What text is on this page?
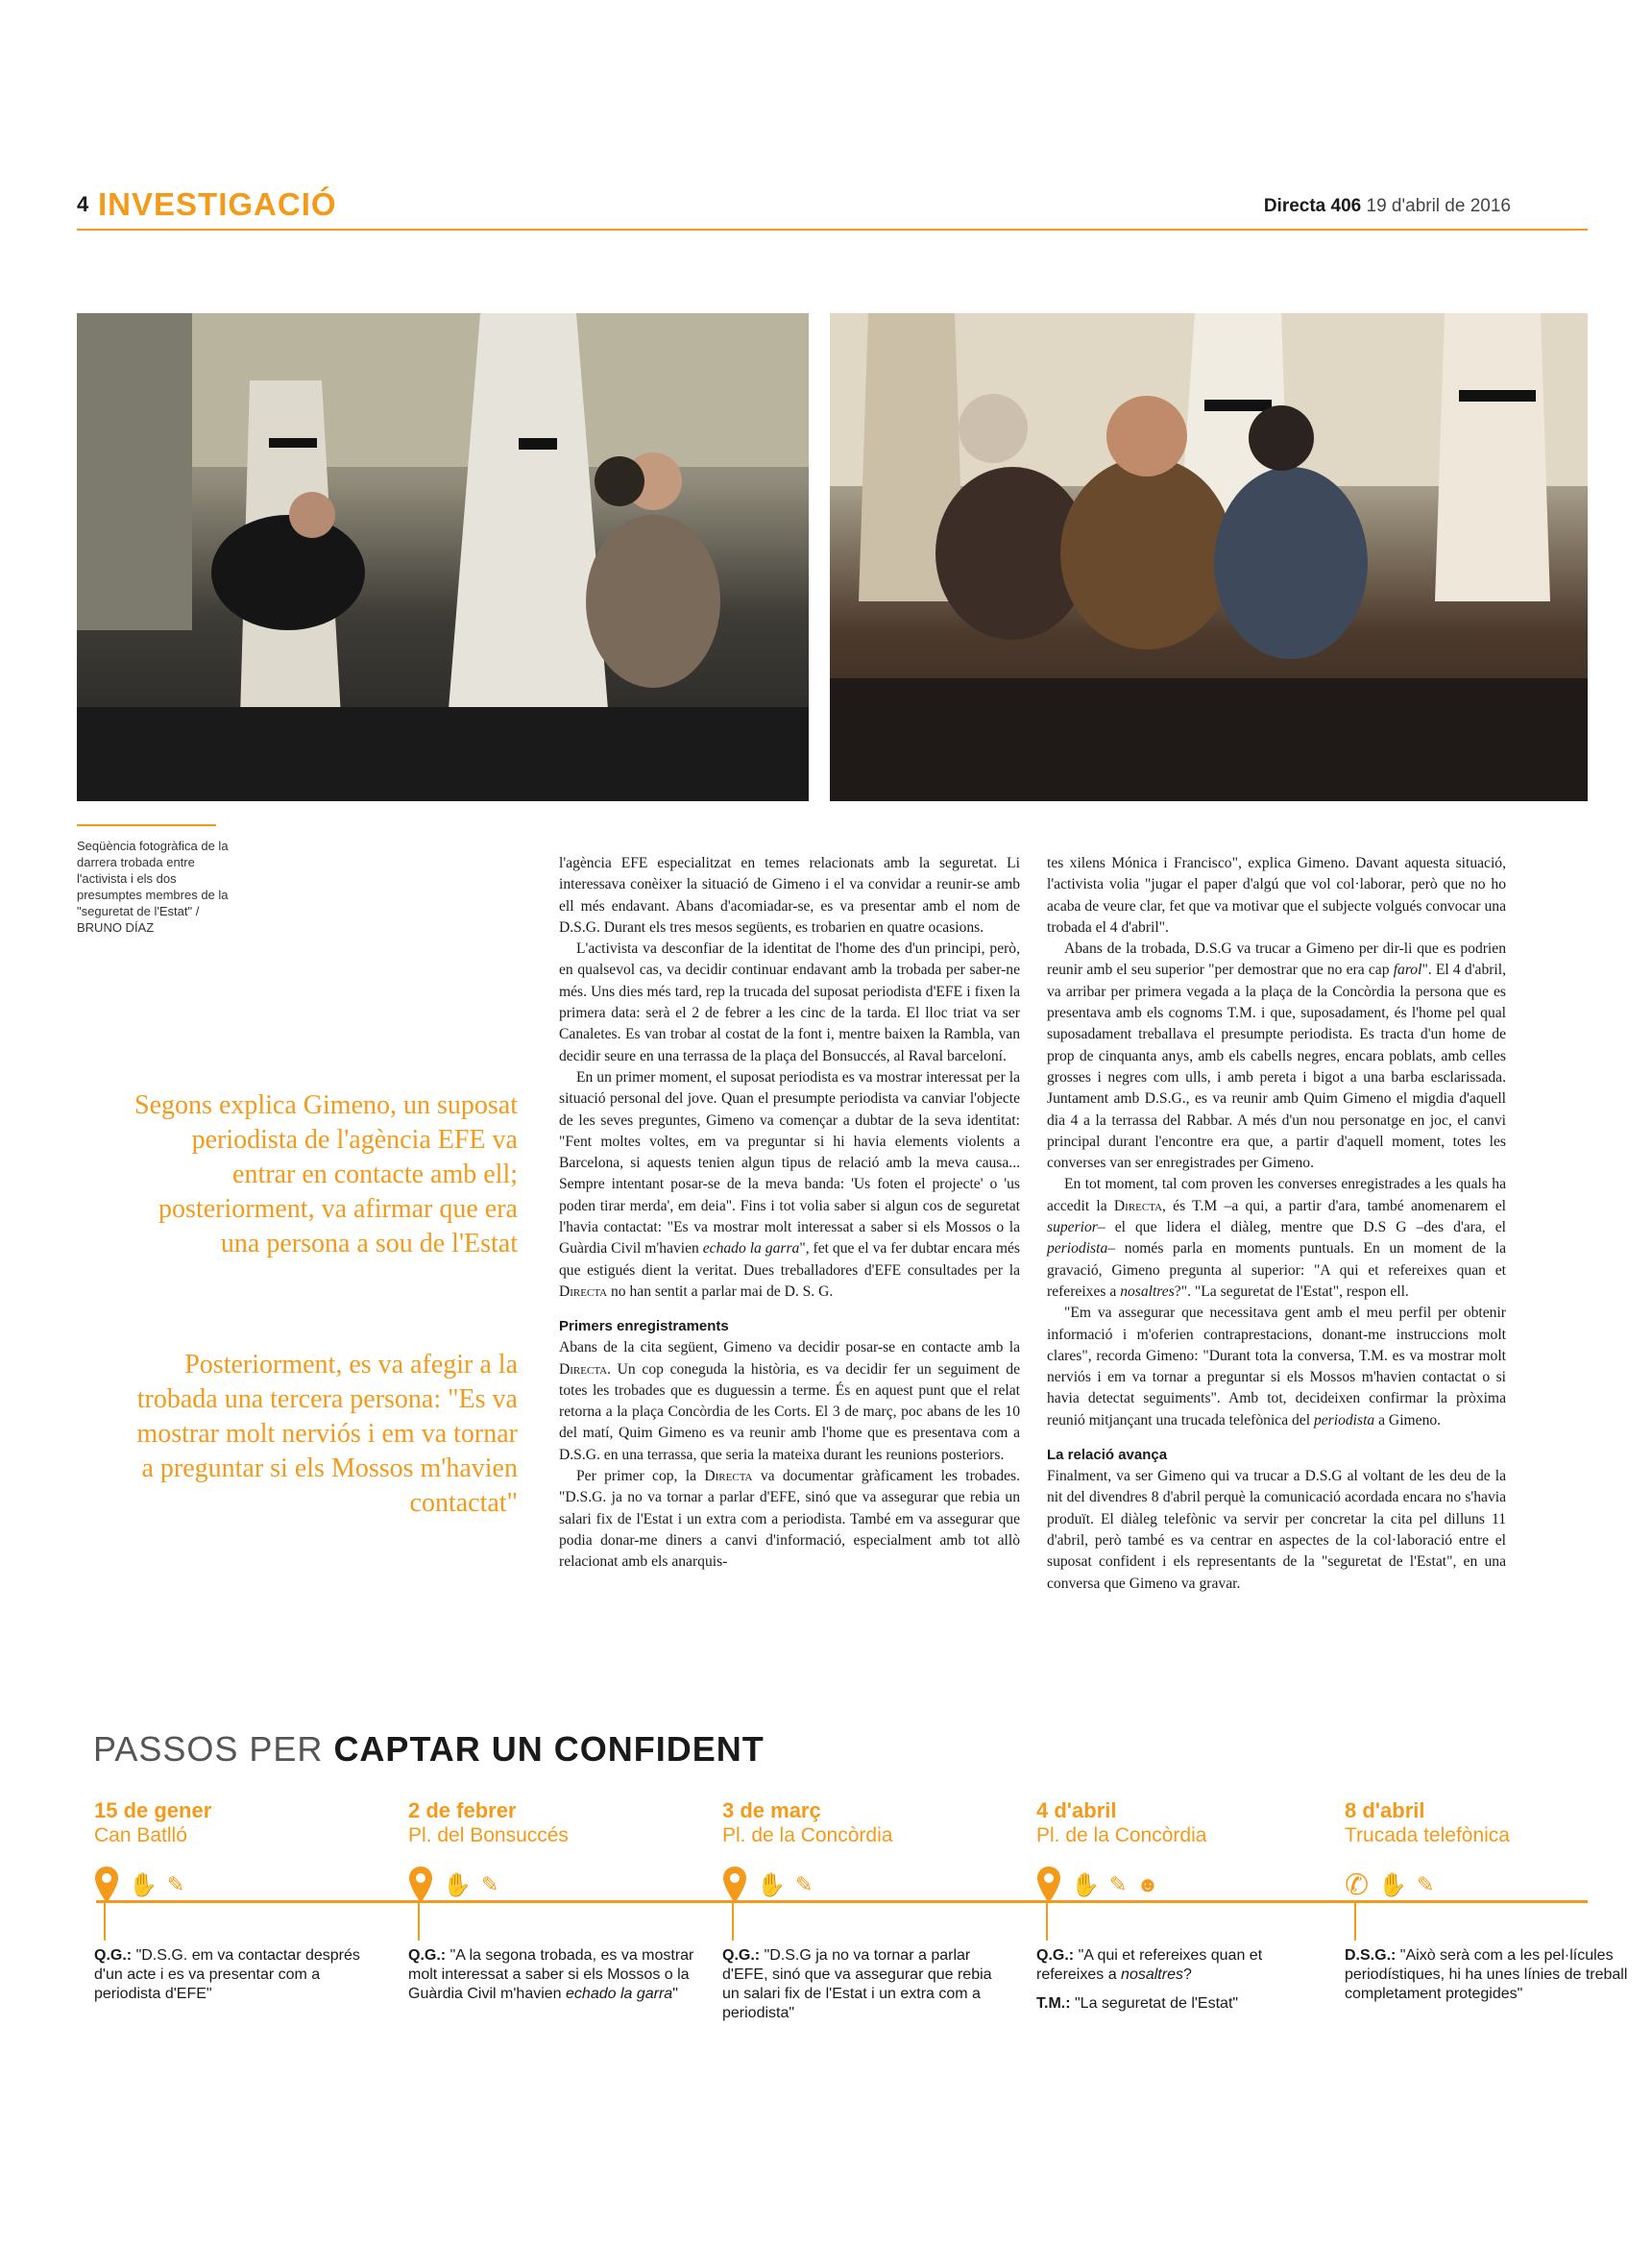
4 INVESTIGACIÓ	Directa 406 19 d'abril de 2016
Seqüència fotogràfica de la darrera trobada entre l'activista i els dos presumptes membres de la "seguretat de l'Estat" / BRUNO DÍAZ
Segons explica Gimeno, un suposat periodista de l'agència EFE va entrar en contacte amb ell; posteriorment, va afirmar que era una persona a sou de l'Estat
Posteriorment, es va afegir a la trobada una tercera persona: "Es va mostrar molt nerviós i em va tornar a preguntar si els Mossos m'havien contactat"

l'agència EFE especialitzat en temes relacionats amb la seguretat. Li interessava conèixer la situació de Gimeno i el va convidar a reunir-se amb ell més endavant. Abans d'acomiadar-se, es va presentar amb el nom de D.S.G. Durant els tres mesos següents, es trobarien en quatre ocasions.

L'activista va desconfiar de la identitat de l'home des d'un principi, però, en qualsevol cas, va decidir continuar endavant amb la trobada per saber-ne més. Uns dies més tard, rep la trucada del suposat periodista d'EFE i fixen la primera data: serà el 2 de febrer a les cinc de la tarda. El lloc triat va ser Canaletes. Es van trobar al costat de la font i, mentre baixen la Rambla, van decidir seure en una terrassa de la plaça del Bonsuccés, al Raval barceloní.

En un primer moment, el suposat periodista es va mostrar interessat per la situació personal del jove. Quan el presumpte periodista va canviar l'objecte de les seves preguntes, Gimeno va començar a dubtar de la seva identitat: "Fent moltes voltes, em va preguntar si hi havia elements violents a Barcelona, si aquests tenien algun tipus de relació amb la meva causa... Sempre intentant posar-se de la meva banda: 'Us foten el projecte' o 'us poden tirar merda', em deia". Fins i tot volia saber si algun cos de seguretat l'havia contactat: "Es va mostrar molt interessat a saber si els Mossos o la Guàrdia Civil m'havien echado la garra", fet que el va fer dubtar encara més que estigués dient la veritat. Dues treballadores d'EFE consultades per la Directa no han sentit a parlar mai de D. S. G.

Primers enregistraments

Abans de la cita següent, Gimeno va decidir posar-se en contacte amb la Directa. Un cop coneguda la història, es va decidir fer un seguiment de totes les trobades que es duguessin a terme. És en aquest punt que el relat retorna a la plaça Concòrdia de les Corts. El 3 de març, poc abans de les 10 del matí, Quim Gimeno es va reunir amb l'home que es presentava com a D.S.G. en una terrassa, que seria la mateixa durant les reunions posteriors.

Per primer cop, la Directa va documentar gràficament les trobades. "D.S.G. ja no va tornar a parlar d'EFE, sinó que va assegurar que rebia un salari fix de l'Estat i un extra com a periodista. També em va assegurar que podia donar-me diners a canvi d'informació, especialment amb tot allò relacionat amb els anarquis-

tes xilens Mónica i Francisco", explica Gimeno. Davant aquesta situació, l'activista volia "jugar el paper d'algú que vol col·laborar, però que no ho acaba de veure clar, fet que va motivar que el subjecte volgués convocar una trobada el 4 d'abril".

Abans de la trobada, D.S.G va trucar a Gimeno per dir-li que es podrien reunir amb el seu superior "per demostrar que no era cap farol". El 4 d'abril, va arribar per primera vegada a la plaça de la Concòrdia la persona que es presentava amb els cognoms T.M. i que, suposadament, és l'home pel qual suposadament treballava el presumpte periodista. Es tracta d'un home de prop de cinquanta anys, amb els cabells negres, encara poblats, amb celles grosses i negres com ulls, i amb pereta i bigot a una barba esclarissada. Juntament amb D.S.G., es va reunir amb Quim Gimeno el migdia d'aquell dia 4 a la terrassa del Rabbar. A més d'un nou personatge en joc, el canvi principal durant l'encontre era que, a partir d'aquell moment, totes les converses van ser enregistrades per Gimeno.

En tot moment, tal com proven les converses enregistrades a les quals ha accedit la Directa, és T.M –a qui, a partir d'ara, també anomenarem el superior– el que lidera el diàleg, mentre que D.S G –des d'ara, el periodista– només parla en moments puntuals. En un moment de la gravació, Gimeno pregunta al superior: "A qui et refereixes quan et refereixes a nosaltres?". "La seguretat de l'Estat", respon ell.

"Em va assegurar que necessitava gent amb el meu perfil per obtenir informació i m'oferien contraprestacions, donant-me instruccions molt clares", recorda Gimeno: "Durant tota la conversa, T.M. es va mostrar molt nerviós i em va tornar a preguntar si els Mossos m'havien contactat o si havia detectat seguiments". Amb tot, decideixen confirmar la pròxima reunió mitjançant una trucada telefònica del periodista a Gimeno.

La relació avança

Finalment, va ser Gimeno qui va trucar a D.S.G al voltant de les deu de la nit del divendres 8 d'abril perquè la comunicació acordada encara no s'havia produït. El diàleg telefònic va servir per concretar la cita pel dilluns 11 d'abril, però també es va centrar en aspectes de la col·laboració entre el suposat confident i els representants de la "seguretat de l'Estat", en una conversa que Gimeno va gravar.

PASSOS PER CAPTAR UN CONFIDENT
15 de gener
Can Batlló
✋ ✎
Q.G.: "D.S.G. em va contactar després d'un acte i es va presentar com a periodista d'EFE"
2 de febrer
Pl. del Bonsuccés
✋ ✎
Q.G.: "A la segona trobada, es va mostrar molt interessat a saber si els Mossos o la Guàrdia Civil m'havien echado la garra"
3 de març
Pl. de la Concòrdia
✋ ✎
Q.G.: "D.S.G ja no va tornar a parlar d'EFE, sinó que va assegurar que rebia un salari fix de l'Estat i un extra com a periodista"
4 d'abril
Pl. de la Concòrdia
✋ ✎ ☻
Q.G.: "A qui et refereixes quan et refereixes a nosaltres?
T.M.: "La seguretat de l'Estat"
8 d'abril
Trucada telefònica
✆ ✋ ✎
D.S.G.: "Això serà com a les pel·lícules periodístiques, hi ha unes línies de treball completament protegides"
